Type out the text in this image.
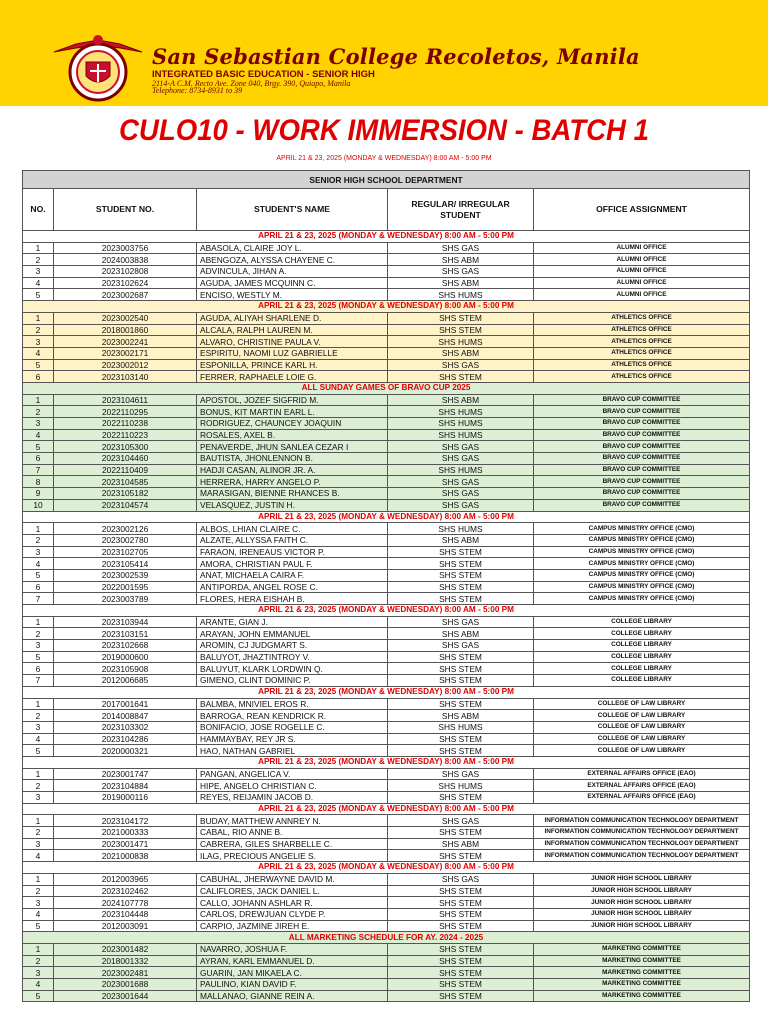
San Sebastian College Recoletos, Manila
INTEGRATED BASIC EDUCATION - SENIOR HIGH
2114-A C.M. Recto Ave. Zone 040, Brgy. 390, Quiapo, Manila
Telephone: 8734-8931 to 39
CULO10 - WORK IMMERSION - BATCH 1
APRIL 21 & 23, 2025 (MONDAY & WEDNESDAY) 8:00 AM - 5:00 PM
SENIOR HIGH SCHOOL DEPARTMENT				
NO.	STUDENT NO.	STUDENT'S NAME	REGULAR/ IRREGULAR STUDENT	OFFICE ASSIGNMENT
APRIL 21 & 23, 2025 (MONDAY & WEDNESDAY) 8:00 AM - 5:00 PM				
1	2023003756	ABASOLA, CLAIRE JOY L.	SHS GAS	ALUMNI OFFICE
2	2024003838	ABENGOZA, ALYSSA CHAYENE C.	SHS ABM	ALUMNI OFFICE
3	2023102808	ADVINCULA, JIHAN A.	SHS GAS	ALUMNI OFFICE
4	2023102624	AGUDA, JAMES MCQUINN C.	SHS ABM	ALUMNI OFFICE
5	2023002687	ENCISO, WESTLY M.	SHS HUMS	ALUMNI OFFICE
APRIL 21 & 23, 2025 (MONDAY & WEDNESDAY) 8:00 AM - 5:00 PM				
1	2023002540	AGUDA, ALIYAH SHARLENE D.	SHS STEM	ATHLETICS OFFICE
2	2018001860	ALCALA, RALPH LAUREN M.	SHS STEM	ATHLETICS OFFICE
3	2023002241	ALVARO, CHRISTINE PAULA V.	SHS HUMS	ATHLETICS OFFICE
4	2023002171	ESPIRITU, NAOMI LUZ GABRIELLE	SHS ABM	ATHLETICS OFFICE
5	2023002012	ESPONILLA, PRINCE KARL H.	SHS GAS	ATHLETICS OFFICE
6	2023103140	FERRER, RAPHAELE LOIE G.	SHS STEM	ATHLETICS OFFICE
ALL SUNDAY GAMES OF BRAVO CUP 2025				
1	2023104611	APOSTOL, JOZEF SIGFRID M.	SHS ABM	BRAVO CUP COMMITTEE
2	2022110295	BONUS, KIT MARTIN EARL L.	SHS HUMS	BRAVO CUP COMMITTEE
3	2022110238	RODRIGUEZ, CHAUNCEY JOAQUIN	SHS HUMS	BRAVO CUP COMMITTEE
4	2022110223	ROSALES, AXEL B.	SHS HUMS	BRAVO CUP COMMITTEE
5	2023105300	PENAVERDE, JHUN SANLEA CEZAR I	SHS GAS	BRAVO CUP COMMITTEE
6	2023104460	BAUTISTA, JHONLENNON B.	SHS GAS	BRAVO CUP COMMITTEE
7	2022110409	HADJI CASAN, ALINOR JR. A.	SHS HUMS	BRAVO CUP COMMITTEE
8	2023104585	HERRERA, HARRY ANGELO P.	SHS GAS	BRAVO CUP COMMITTEE
9	2023105182	MARASIGAN, BIENNE RHANCES B.	SHS GAS	BRAVO CUP COMMITTEE
10	2023104574	VELASQUEZ, JUSTIN H.	SHS GAS	BRAVO CUP COMMITTEE
APRIL 21 & 23, 2025 (MONDAY & WEDNESDAY) 8:00 AM - 5:00 PM				
1	2023002126	ALBOS, LHIAN CLAIRE C.	SHS HUMS	CAMPUS MINISTRY OFFICE (CMO)
2	2023002780	ALZATE, ALLYSSA FAITH C.	SHS ABM	CAMPUS MINISTRY OFFICE (CMO)
3	2023102705	FARAON, IRENEAUS VICTOR P.	SHS STEM	CAMPUS MINISTRY OFFICE (CMO)
4	2023105414	AMORA, CHRISTIAN PAUL F.	SHS STEM	CAMPUS MINISTRY OFFICE (CMO)
5	2023002539	ANAT, MICHAELA CAIRA F.	SHS STEM	CAMPUS MINISTRY OFFICE (CMO)
6	2022001595	ANTIPORDA, ANGEL ROSE C.	SHS STEM	CAMPUS MINISTRY OFFICE (CMO)
7	2023003789	FLORES, HERA EISHAH B.	SHS STEM	CAMPUS MINISTRY OFFICE (CMO)
APRIL 21 & 23, 2025 (MONDAY & WEDNESDAY) 8:00 AM - 5:00 PM				
1	2023103944	ARANTE, GIAN J.	SHS GAS	COLLEGE LIBRARY
2	2023103151	ARAYAN, JOHN EMMANUEL	SHS ABM	COLLEGE LIBRARY
3	2023102668	AROMIN, CJ JUDGMART S.	SHS GAS	COLLEGE LIBRARY
5	2019000600	BALUYOT, JHAZTINTROY V.	SHS STEM	COLLEGE LIBRARY
6	2023105908	BALUYUT, KLARK LORDWIN Q.	SHS STEM	COLLEGE LIBRARY
7	2012006685	GIMENO, CLINT DOMINIC P.	SHS STEM	COLLEGE LIBRARY
APRIL 21 & 23, 2025 (MONDAY & WEDNESDAY) 8:00 AM - 5:00 PM				
1	2017001641	BALMBA, MNIVIEL EROS R.	SHS STEM	COLLEGE OF LAW LIBRARY
2	2014008847	BARROGA, REAN KENDRICK R.	SHS ABM	COLLEGE OF LAW LIBRARY
3	2023103302	BONIFACIO, JOSE ROGELLE C.	SHS HUMS	COLLEGE OF LAW LIBRARY
4	2023104286	HAMMAYBAY, REY JR S.	SHS STEM	COLLEGE OF LAW LIBRARY
5	2020000321	HAO, NATHAN GABRIEL	SHS STEM	COLLEGE OF LAW LIBRARY
APRIL 21 & 23, 2025 (MONDAY & WEDNESDAY) 8:00 AM - 5:00 PM				
1	2023001747	PANGAN, ANGELICA V.	SHS GAS	EXTERNAL AFFAIRS OFFICE (EAO)
2	2023104884	HIPE, ANGELO CHRISTIAN C.	SHS HUMS	EXTERNAL AFFAIRS OFFICE (EAO)
3	2019000116	REYES, REIJAMIN JACOB D.	SHS STEM	EXTERNAL AFFAIRS OFFICE (EAO)
APRIL 21 & 23, 2025 (MONDAY & WEDNESDAY) 8:00 AM - 5:00 PM				
1	2023104172	BUDAY, MATTHEW ANNREY N.	SHS GAS	INFORMATION COMMUNICATION TECHNOLOGY DEPARTMENT
2	2021000333	CABAL, RIO ANNE B.	SHS STEM	INFORMATION COMMUNICATION TECHNOLOGY DEPARTMENT
3	2023001471	CABRERA, GILES SHARBELLE C.	SHS ABM	INFORMATION COMMUNICATION TECHNOLOGY DEPARTMENT
4	2021000838	ILAG, PRECIOUS ANGELIE S.	SHS STEM	INFORMATION COMMUNICATION TECHNOLOGY DEPARTMENT
APRIL 21 & 23, 2025 (MONDAY & WEDNESDAY) 8:00 AM - 5:00 PM				
1	2012003965	CABUHAL, JHERWAYNE DAVID M.	SHS GAS	JUNIOR HIGH SCHOOL LIBRARY
2	2023102462	CALIFLORES, JACK DANIEL L.	SHS STEM	JUNIOR HIGH SCHOOL LIBRARY
3	2024107778	CALLO, JOHANN ASHLAR R.	SHS STEM	JUNIOR HIGH SCHOOL LIBRARY
4	2023104448	CARLOS, DREWJUAN CLYDE P.	SHS STEM	JUNIOR HIGH SCHOOL LIBRARY
5	2012003091	CARPIO, JAZMINE JIREH E.	SHS STEM	JUNIOR HIGH SCHOOL LIBRARY
ALL MARKETING SCHEDULE FOR AY. 2024 - 2025				
1	2023001482	NAVARRO, JOSHUA F.	SHS STEM	MARKETING COMMITTEE
2	2018001332	AYRAN, KARL EMMANUEL D.	SHS STEM	MARKETING COMMITTEE
3	2023002481	GUARIN, JAN MIKAELA C.	SHS STEM	MARKETING COMMITTEE
4	2023001688	PAULINO, KIAN DAVID F.	SHS STEM	MARKETING COMMITTEE
5	2023001644	MALLANAO, GIANNE REIN A.	SHS STEM	MARKETING COMMITTEE
